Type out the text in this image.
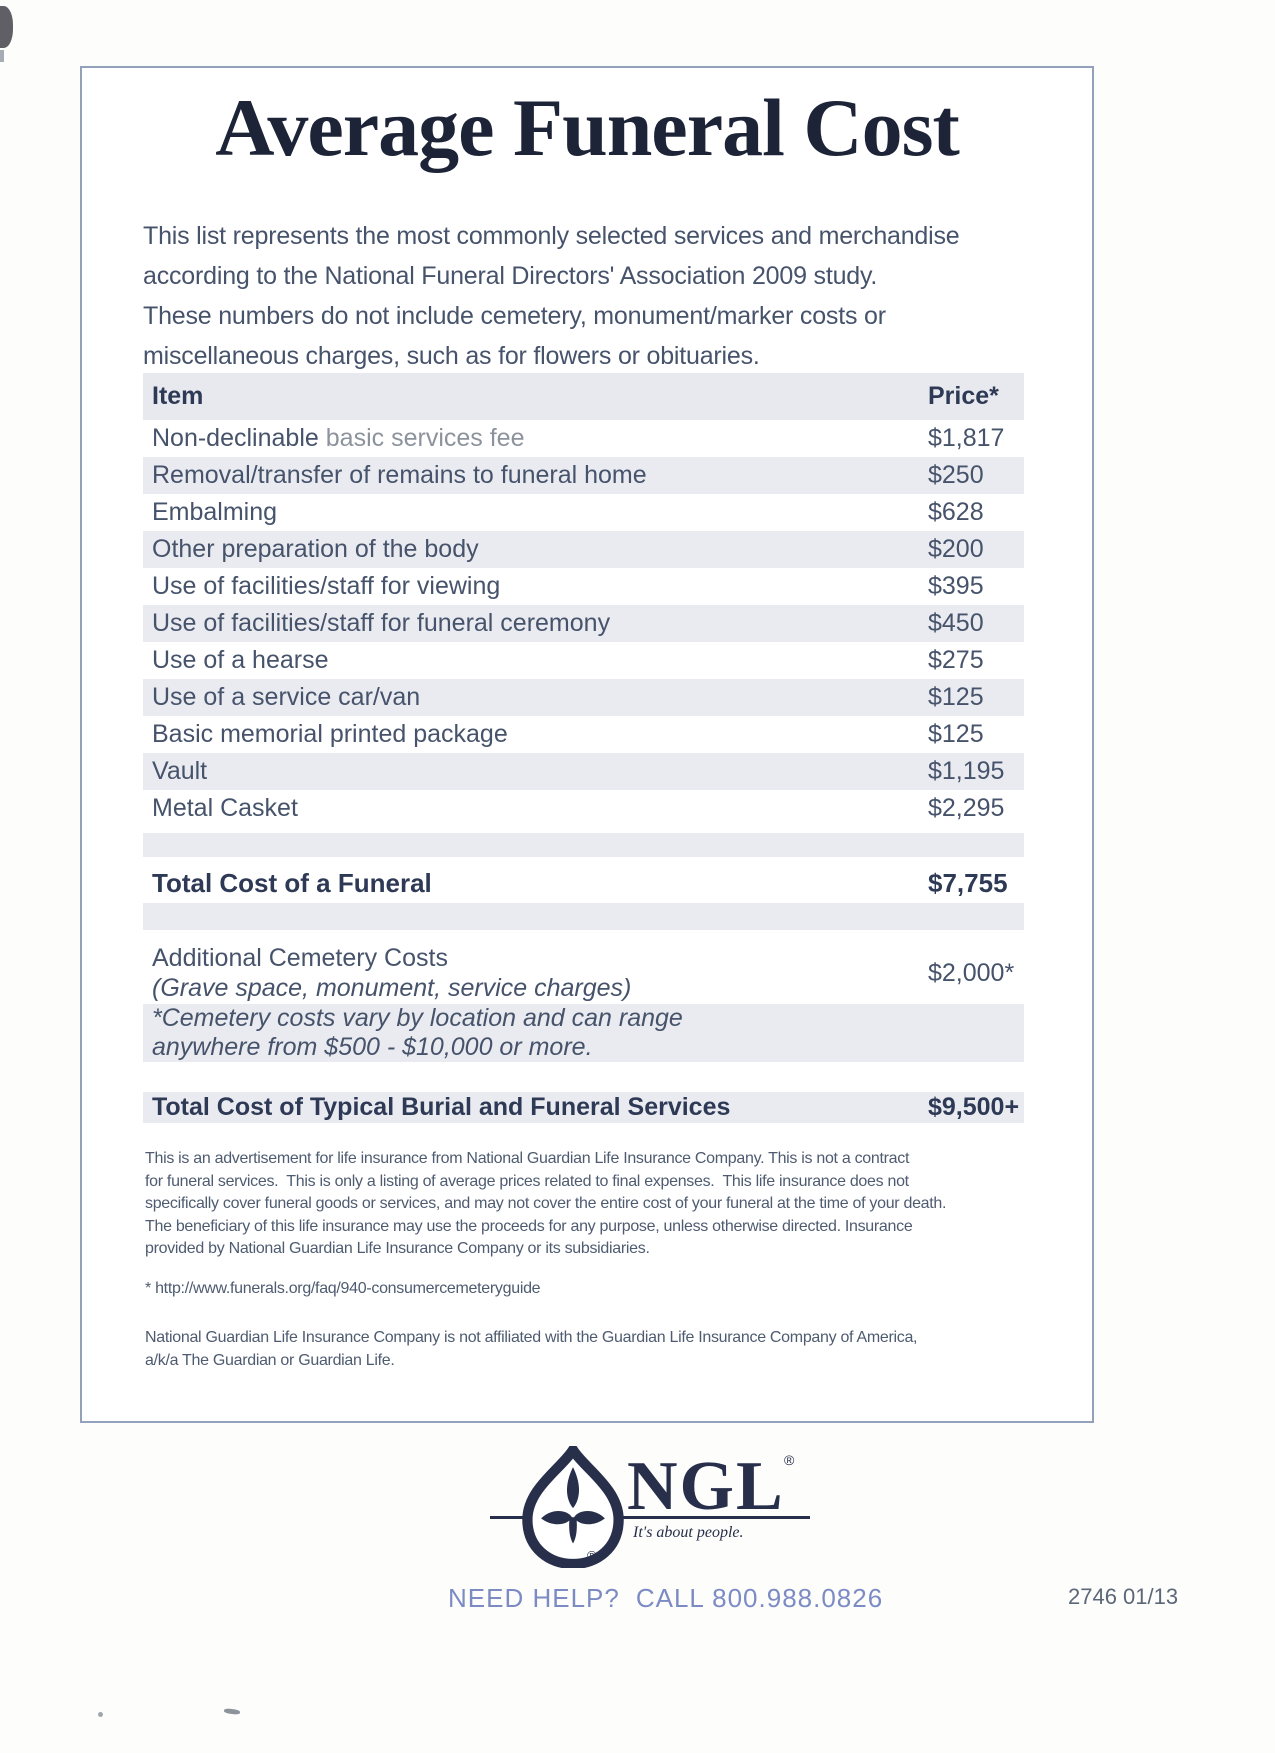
Average Funeral Cost
This list represents the most commonly selected services and merchandise
according to the National Funeral Directors' Association 2009 study.
These numbers do not include cemetery, monument/marker costs or
miscellaneous charges, such as for flowers or obituaries.
Item	Price*
Non-declinable basic services fee	$1,817
Removal/transfer of remains to funeral home	$250
Embalming	$628
Other preparation of the body	$200
Use of facilities/staff for viewing	$395
Use of facilities/staff for funeral ceremony	$450
Use of a hearse	$275
Use of a service car/van	$125
Basic memorial printed package	$125
Vault	$1,195
Metal Casket	$2,295
Total Cost of a Funeral	$7,755
Additional Cemetery Costs
(Grave space, monument, service charges)
$2,000*
*Cemetery costs vary by location and can range
anywhere from $500 - $10,000 or more.
Total Cost of Typical Burial and Funeral Services	$9,500+
This is an advertisement for life insurance from National Guardian Life Insurance Company. This is not a contract
for funeral services.  This is only a listing of average prices related to final expenses.  This life insurance does not
specifically cover funeral goods or services, and may not cover the entire cost of your funeral at the time of your death.
The beneficiary of this life insurance may use the proceeds for any purpose, unless otherwise directed. Insurance
provided by National Guardian Life Insurance Company or its subsidiaries.
* http://www.funerals.org/faq/940-consumercemeteryguide
National Guardian Life Insurance Company is not affiliated with the Guardian Life Insurance Company of America,
a/k/a The Guardian or Guardian Life.
NGL ®
®
It's about people.
NEED HELP? CALL 800.988.0826	2746 01/13
